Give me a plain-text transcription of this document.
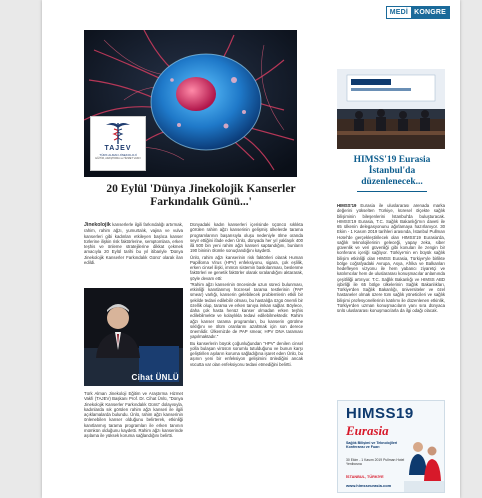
MEDİ KONGRE
TAJEV
TÜRK ALMAN JİNEKOLOJİ
EĞİTİM, ARAŞTIRMA ve HİZMET VAKFI
20 Eylül 'Dünya Jinekolojik Kanserler Farkındalık Günü...'

Jinekolojik kanserlerle ilgili farkındalığı artırmak, rahim, rahim ağzı, yumurtalık, vajina ve vulva kanserleri gibi kadınları etkileyen başlıca kanser türlerine ilişkin risk faktörlerine, semptomlara, erken teşhis ve önleme stratejilerine dikkat çekmek amacıyla 20 Eylül tarihi bu yıl itibariyle 'Dünya Jinekolojik Kanserler Farkındalık Günü' olarak ilan edildi.

Cihat ÜNLÜ

Türk Alman Jinekoloji Eğitim ve Araştırma Hizmet Vakfı (TAJEV) Başkanı Prof. Dr. Cihat Ünlü, "Dünya Jinekolojik Kanserler Farkındalık Günü" dolayısıyla, kadınlarda sık görülen rahim ağzı kanseri ile ilgili açıklamalarda bulundu. Ünlü, rahim ağzı kanserinin önlenebilen kanser olduğunu belirterek, etkinliği kanıtlanmış tarama programları ile erken tanının mümkün olduğunu kaydetti. Rahim ağzı kanserinde aşılama ile yüksek koruma sağlandığını belirtti.

Dünyadaki kadın kanserleri içerisinde üçüncü sıklıkta görülen rahim ağzı kanserinin gelişmiş ülkelerde tarama programlarının başarısıyla oluşu nedeniyle ölme oranda seyir ettiğini ifade eden Ünlü, dünyada her yıl yaklaşık 400 ilâ 500 bin yeni rahim ağzı kanseri saptandığını, bunların 190 bininin ölümle sonuçlandığını kaydetti.

Ünlü, rahim ağzı kanserinin risk faktörleri olarak Human Papilloma Virus (HPV) enfeksiyonu, sigara, çok eşlilik, erken cinsel ilişki, immün sistemin baskılanması, beslenme faktörleri ve genetik faktörler olarak sıralandığını aktararak, şöyle devam etti:

"Rahim ağzı kanserinin öncesinde uzun süreci bulunması, etkinliği kanıtlanmış hücresel tarama testlerinin (PAP smear) varlığı, kanserin gelebilecek problemlerin etkili bir şekilde tedavi edilebilir olması, bu hastalığa özgü önemli bir özellik olup, tarama ve erken tanıya imkan sağlar. Böylece, daha çok hasta henüz kanser olmadan erken teşhis edilebilmekte ve kolaylıkla tedavi edilebilmektedir. Rahim ağzı kanser tarama programları, bu kanserin görülme sıklığını ve ölüm oranlarını azaltmak için son derece önemlidir. Ülkemizde de PAP smear, HPV DNA taraması yapılmaktadır."

Bu kanserlerin büyük çoğunluğundan "HPV" denilen cinsel yolla bulaşan virüsün sorumlu tutulduğunu ve bunun karşı geliştirilen aşıların koruma sağladığına işaret eden Ünlü, bu aşının yeni bir enfeksiyon gelişimini önlediğini ancak vücutta var olan enfeksiyonu tedavi etmediğini belirtti.

HIMSS'19 Eurasia İstanbul'da düzenlenecek...
HIMSS'19 Eurasia ile uluslararası arenada marka değerini yükselten Türkiye, küresel ölçekte sağlık bilişiminin bileşenlerini İstanbul'da buluşturacak. HIMSS'19 Eurasia, T.C. Sağlık Bakanlığı'nın daveti ile 65 ülkenin delegasyonunu ağırlamaya hazırlanıyor. 30 Ekim - 1 Kasım 2019 tarihleri arasında, İstanbul Pullman Hotel'de gerçekleştirilecek olan HIMSS'19 Eurasia'da, sağlık teknolojilerinin geleceği, yapay zeka, siber güvenlik ve veri güvenliği gibi konuları ile zengin bir konferans içeriği sağlıyor. Türkiye'nin en büyük sağlık bilişim etkinliği olan HIMSS Eurasia, Türkiye'yle birlikte bölge coğrafyadaki Avrupa, Asya, Afrika ve Balkanları hedefleyen vizyonu ile hem yabancı ziyaretçi ve katılımcılar hem de uluslararası konuşmacılar anlamında çeşitliliği artırıyor. T.C. Sağlık Bakanlığı ve HIMSS ABD işbirliği ile 65 bölge ülkelerinin Sağlık Bakanlıkları, Türkiye'den Sağlık Bakanlığı, üniversiteler ve özel hastaneler olmak üzere tüm sağlık yöneticileri ve sağlık bilişimi profesyonellerinin katılımı ile düzenlenen etkinlik, Türkiye'den uzman konuşmacıların yanı sıra dünyaca ünlü uluslararası konuşmacılarla da ilgi odağı olacak.
HIMSS19
Eurasia
Sağlık Bilişimi ve Teknolojileri Konferansı ve Fuarı
30 Ekim - 1 Kasım 2019 Pullman Hotel Yenibosna
İSTANBUL, TÜRKİYE
www.himsseurasia.com
